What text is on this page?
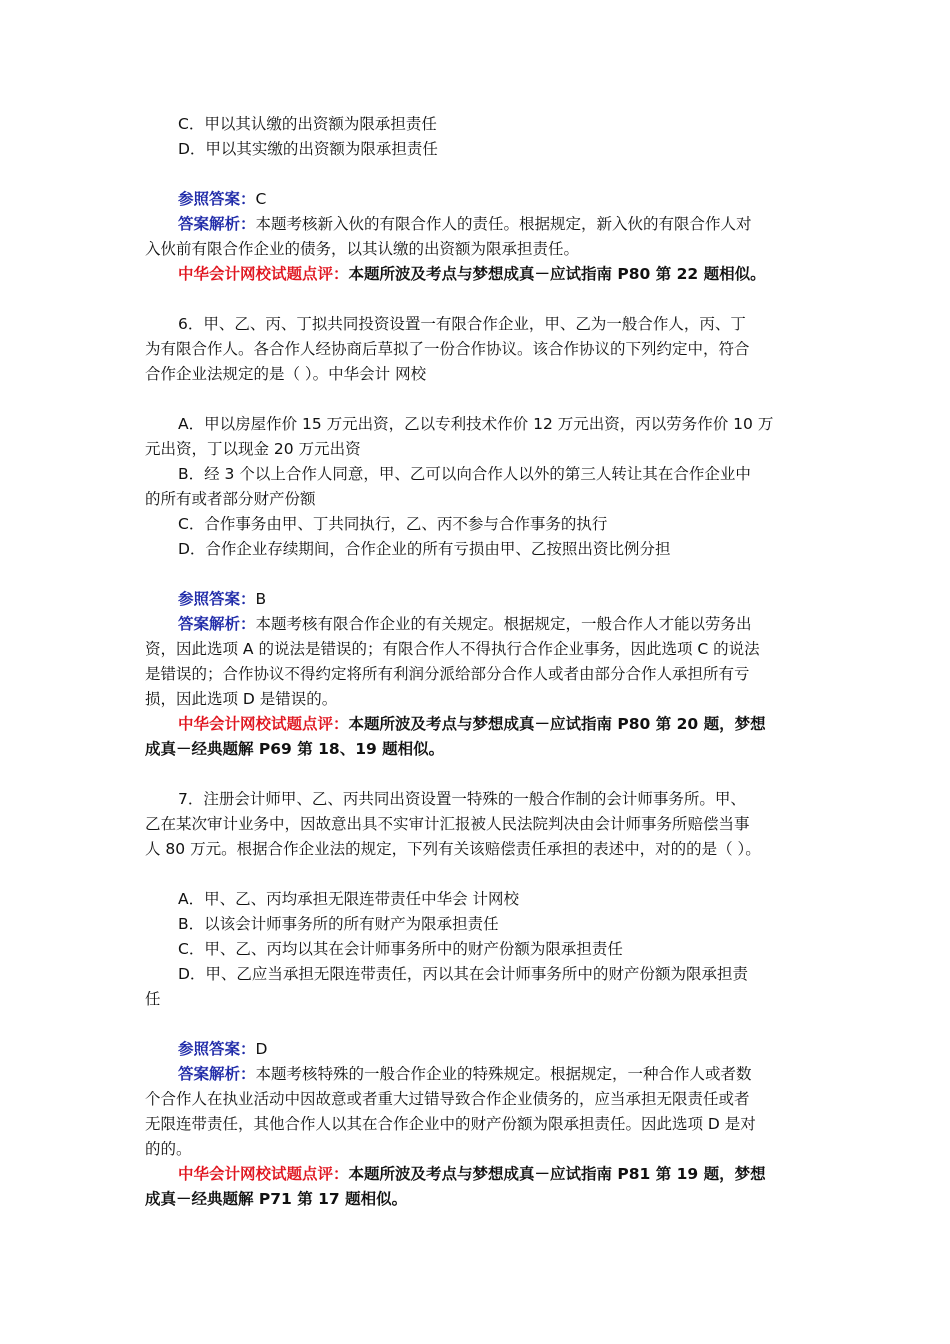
C．甲以其认缴的出资额为限承担责任
D．甲以其实缴的出资额为限承担责任
参照答案：C
答案解析：本题考核新入伙的有限合作人的责任。根据规定，新入伙的有限合作人对
入伙前有限合作企业的债务，以其认缴的出资额为限承担责任。
中华会计网校试题点评：本题所波及考点与梦想成真－应试指南 P80 第 22 题相似。
6．甲、乙、丙、丁拟共同投资设置一有限合作企业，甲、乙为一般合作人，丙、丁
为有限合作人。各合作人经协商后草拟了一份合作协议。该合作协议的下列约定中，符合
合作企业法规定的是（ ）。中华会计 网校
A．甲以房屋作价 15 万元出资，乙以专利技术作价 12 万元出资，丙以劳务作价 10 万
元出资，丁以现金 20 万元出资
B．经 3 个以上合作人同意，甲、乙可以向合作人以外的第三人转让其在合作企业中
的所有或者部分财产份额
C．合作事务由甲、丁共同执行，乙、丙不参与合作事务的执行
D．合作企业存续期间，合作企业的所有亏损由甲、乙按照出资比例分担
参照答案：B
答案解析：本题考核有限合作企业的有关规定。根据规定，一般合作人才能以劳务出
资，因此选项 A 的说法是错误的；有限合作人不得执行合作企业事务，因此选项 C 的说法
是错误的；合作协议不得约定将所有利润分派给部分合作人或者由部分合作人承担所有亏
损，因此选项 D 是错误的。
中华会计网校试题点评：本题所波及考点与梦想成真－应试指南 P80 第 20 题，梦想
成真－经典题解 P69 第 18、19 题相似。
7．注册会计师甲、乙、丙共同出资设置一特殊的一般合作制的会计师事务所。甲、
乙在某次审计业务中，因故意出具不实审计汇报被人民法院判决由会计师事务所赔偿当事
人 80 万元。根据合作企业法的规定，下列有关该赔偿责任承担的表述中，对的的是（ ）。
A．甲、乙、丙均承担无限连带责任中华会 计网校
B．以该会计师事务所的所有财产为限承担责任
C．甲、乙、丙均以其在会计师事务所中的财产份额为限承担责任
D．甲、乙应当承担无限连带责任，丙以其在会计师事务所中的财产份额为限承担责
任
参照答案：D
答案解析：本题考核特殊的一般合作企业的特殊规定。根据规定，一种合作人或者数
个合作人在执业活动中因故意或者重大过错导致合作企业债务的，应当承担无限责任或者
无限连带责任，其他合作人以其在合作企业中的财产份额为限承担责任。因此选项 D 是对
的的。
中华会计网校试题点评：本题所波及考点与梦想成真－应试指南 P81 第 19 题，梦想
成真－经典题解 P71 第 17 题相似。
